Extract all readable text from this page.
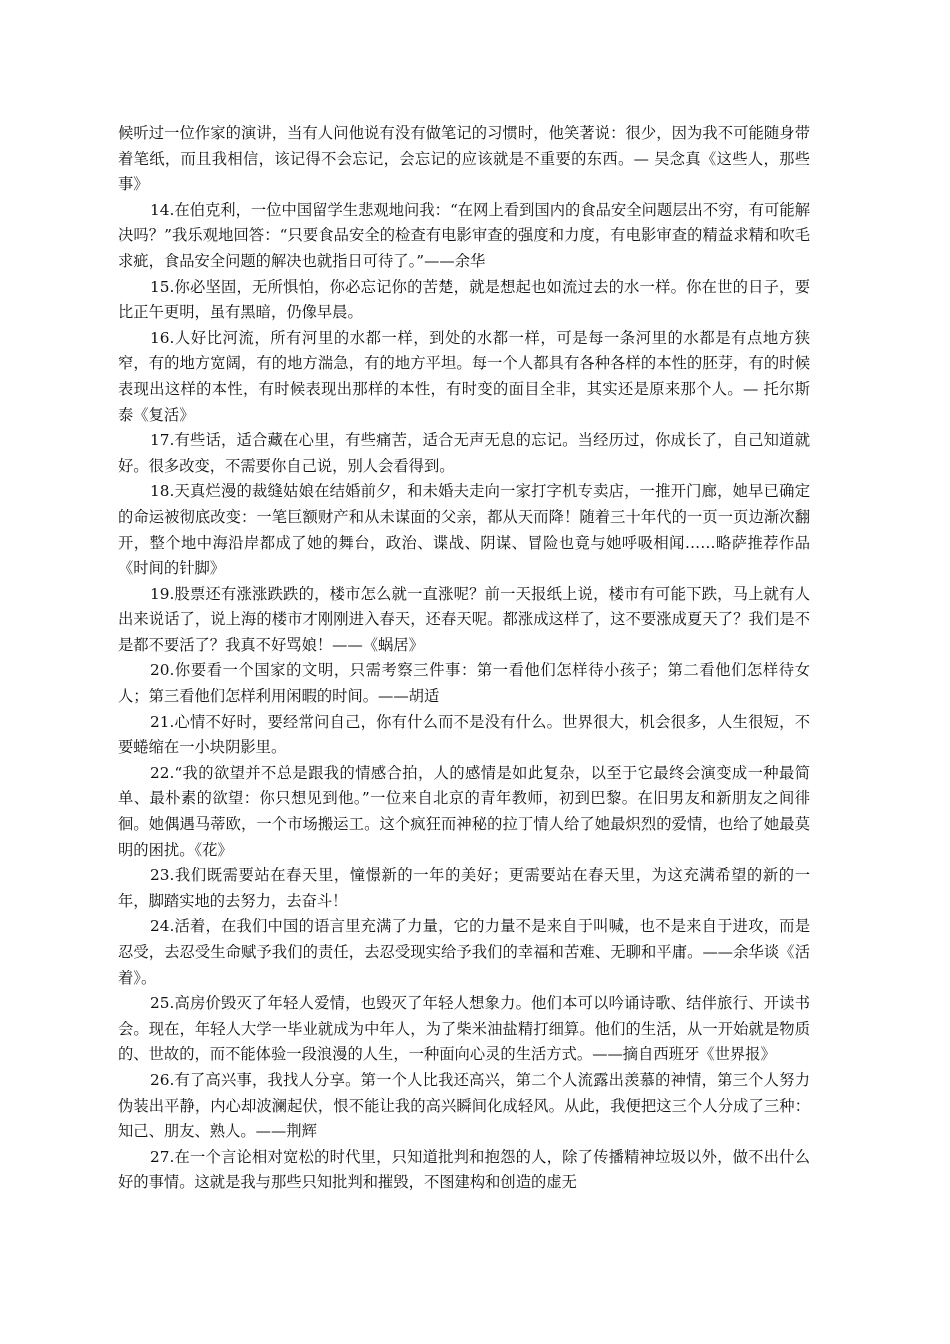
候听过一位作家的演讲，当有人问他说有没有做笔记的习惯时，他笑著说：很少，因为我不可能随身带着笔纸，而且我相信，该记得不会忘记，会忘记的应该就是不重要的东西。— 吴念真《这些人，那些事》

14.在伯克利，一位中国留学生悲观地问我：“在网上看到国内的食品安全问题层出不穷，有可能解决吗？”我乐观地回答：“只要食品安全的检查有电影审查的强度和力度，有电影审查的精益求精和吹毛求疵，食品安全问题的解决也就指日可待了。”——余华

15.你必坚固，无所惧怕，你必忘记你的苦楚，就是想起也如流过去的水一样。你在世的日子，要比正午更明，虽有黑暗，仍像早晨。

16.人好比河流，所有河里的水都一样，到处的水都一样，可是每一条河里的水都是有点地方狭窄，有的地方宽阔，有的地方湍急，有的地方平坦。每一个人都具有各种各样的本性的胚芽，有的时候表现出这样的本性，有时候表现出那样的本性，有时变的面目全非，其实还是原来那个人。— 托尔斯泰《复活》

17.有些话，适合藏在心里，有些痛苦，适合无声无息的忘记。当经历过，你成长了，自己知道就好。很多改变，不需要你自己说，别人会看得到。

18.天真烂漫的裁缝姑娘在结婚前夕，和未婚夫走向一家打字机专卖店，一推开门廊，她早已确定的命运被彻底改变：一笔巨额财产和从未谋面的父亲，都从天而降！随着三十年代的一页一页边渐次翻开，整个地中海沿岸都成了她的舞台，政治、谍战、阴谋、冒险也竟与她呼吸相闻……略萨推荐作品《时间的针脚》

19.股票还有涨涨跌跌的，楼市怎么就一直涨呢？前一天报纸上说，楼市有可能下跌，马上就有人出来说话了，说上海的楼市才刚刚进入春天，还春天呢。都涨成这样了，这不要涨成夏天了？我们是不是都不要活了？我真不好骂娘！——《蜗居》

20.你要看一个国家的文明，只需考察三件事：第一看他们怎样待小孩子；第二看他们怎样待女人；第三看他们怎样利用闲暇的时间。——胡适

21.心情不好时，要经常问自己，你有什么而不是没有什么。世界很大，机会很多，人生很短，不要蜷缩在一小块阴影里。

22.“我的欲望并不总是跟我的情感合拍，人的感情是如此复杂，以至于它最终会演变成一种最简单、最朴素的欲望：你只想见到他。”一位来自北京的青年教师，初到巴黎。在旧男友和新朋友之间徘徊。她偶遇马蒂欧，一个市场搬运工。这个疯狂而神秘的拉丁情人给了她最炽烈的爱情，也给了她最莫明的困扰。《花》

23.我们既需要站在春天里，憧憬新的一年的美好；更需要站在春天里，为这充满希望的新的一年，脚踏实地的去努力，去奋斗！

24.活着，在我们中国的语言里充满了力量，它的力量不是来自于叫喊，也不是来自于进攻，而是忍受，去忍受生命赋予我们的责任，去忍受现实给予我们的幸福和苦难、无聊和平庸。——余华谈《活着》。

25.高房价毁灭了年轻人爱情，也毁灭了年轻人想象力。他们本可以吟诵诗歌、结伴旅行、开读书会。现在，年轻人大学一毕业就成为中年人，为了柴米油盐精打细算。他们的生活，从一开始就是物质的、世故的，而不能体验一段浪漫的人生，一种面向心灵的生活方式。——摘自西班牙《世界报》

26.有了高兴事，我找人分享。第一个人比我还高兴，第二个人流露出羡慕的神情，第三个人努力伪装出平静，内心却波澜起伏，恨不能让我的高兴瞬间化成轻风。从此，我便把这三个人分成了三种：知己、朋友、熟人。——荆辉

27.在一个言论相对宽松的时代里，只知道批判和抱怨的人，除了传播精神垃圾以外，做不出什么好的事情。这就是我与那些只知批判和摧毁，不图建构和创造的虚无
